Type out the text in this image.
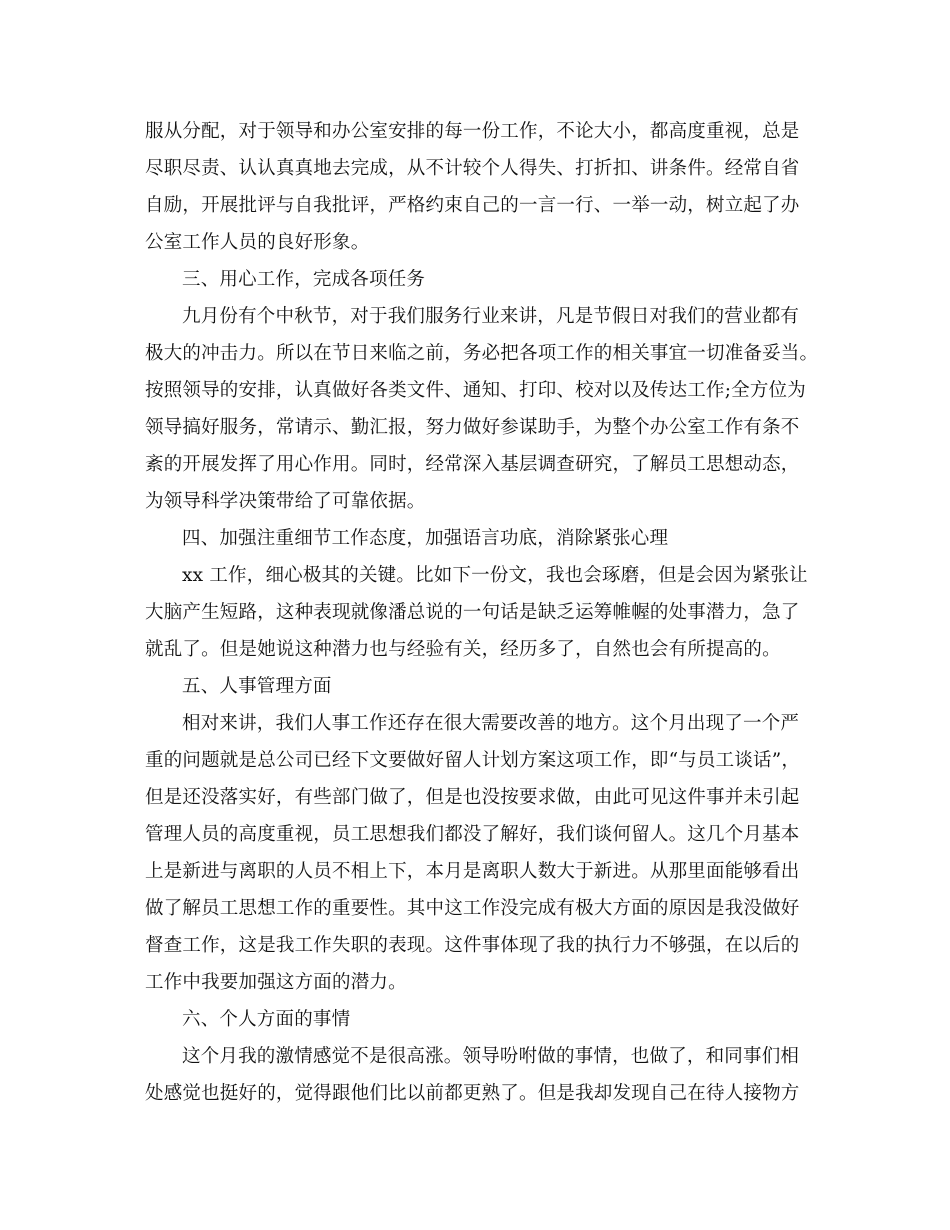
服从分配，对于领导和办公室安排的每一份工作，不论大小，都高度重视，总是
尽职尽责、认认真真地去完成，从不计较个人得失、打折扣、讲条件。经常自省
自励，开展批评与自我批评，严格约束自己的一言一行、一举一动，树立起了办
公室工作人员的良好形象。
三、用心工作，完成各项任务
九月份有个中秋节，对于我们服务行业来讲，凡是节假日对我们的营业都有
极大的冲击力。所以在节日来临之前，务必把各项工作的相关事宜一切准备妥当。
按照领导的安排，认真做好各类文件、通知、打印、校对以及传达工作;全方位为
领导搞好服务，常请示、勤汇报，努力做好参谋助手，为整个办公室工作有条不
紊的开展发挥了用心作用。同时，经常深入基层调查研究，了解员工思想动态，
为领导科学决策带给了可靠依据。
四、加强注重细节工作态度，加强语言功底，消除紧张心理
xx 工作，细心极其的关键。比如下一份文，我也会琢磨，但是会因为紧张让
大脑产生短路，这种表现就像潘总说的一句话是缺乏运筹帷幄的处事潜力，急了
就乱了。但是她说这种潜力也与经验有关，经历多了，自然也会有所提高的。
五、人事管理方面
相对来讲，我们人事工作还存在很大需要改善的地方。这个月出现了一个严
重的问题就是总公司已经下文要做好留人计划方案这项工作，即“与员工谈话”，
但是还没落实好，有些部门做了，但是也没按要求做，由此可见这件事并未引起
管理人员的高度重视，员工思想我们都没了解好，我们谈何留人。这几个月基本
上是新进与离职的人员不相上下，本月是离职人数大于新进。从那里面能够看出
做了解员工思想工作的重要性。其中这工作没完成有极大方面的原因是我没做好
督查工作，这是我工作失职的表现。这件事体现了我的执行力不够强，在以后的
工作中我要加强这方面的潜力。
六、个人方面的事情
这个月我的激情感觉不是很高涨。领导吩咐做的事情，也做了，和同事们相
处感觉也挺好的，觉得跟他们比以前都更熟了。但是我却发现自己在待人接物方
